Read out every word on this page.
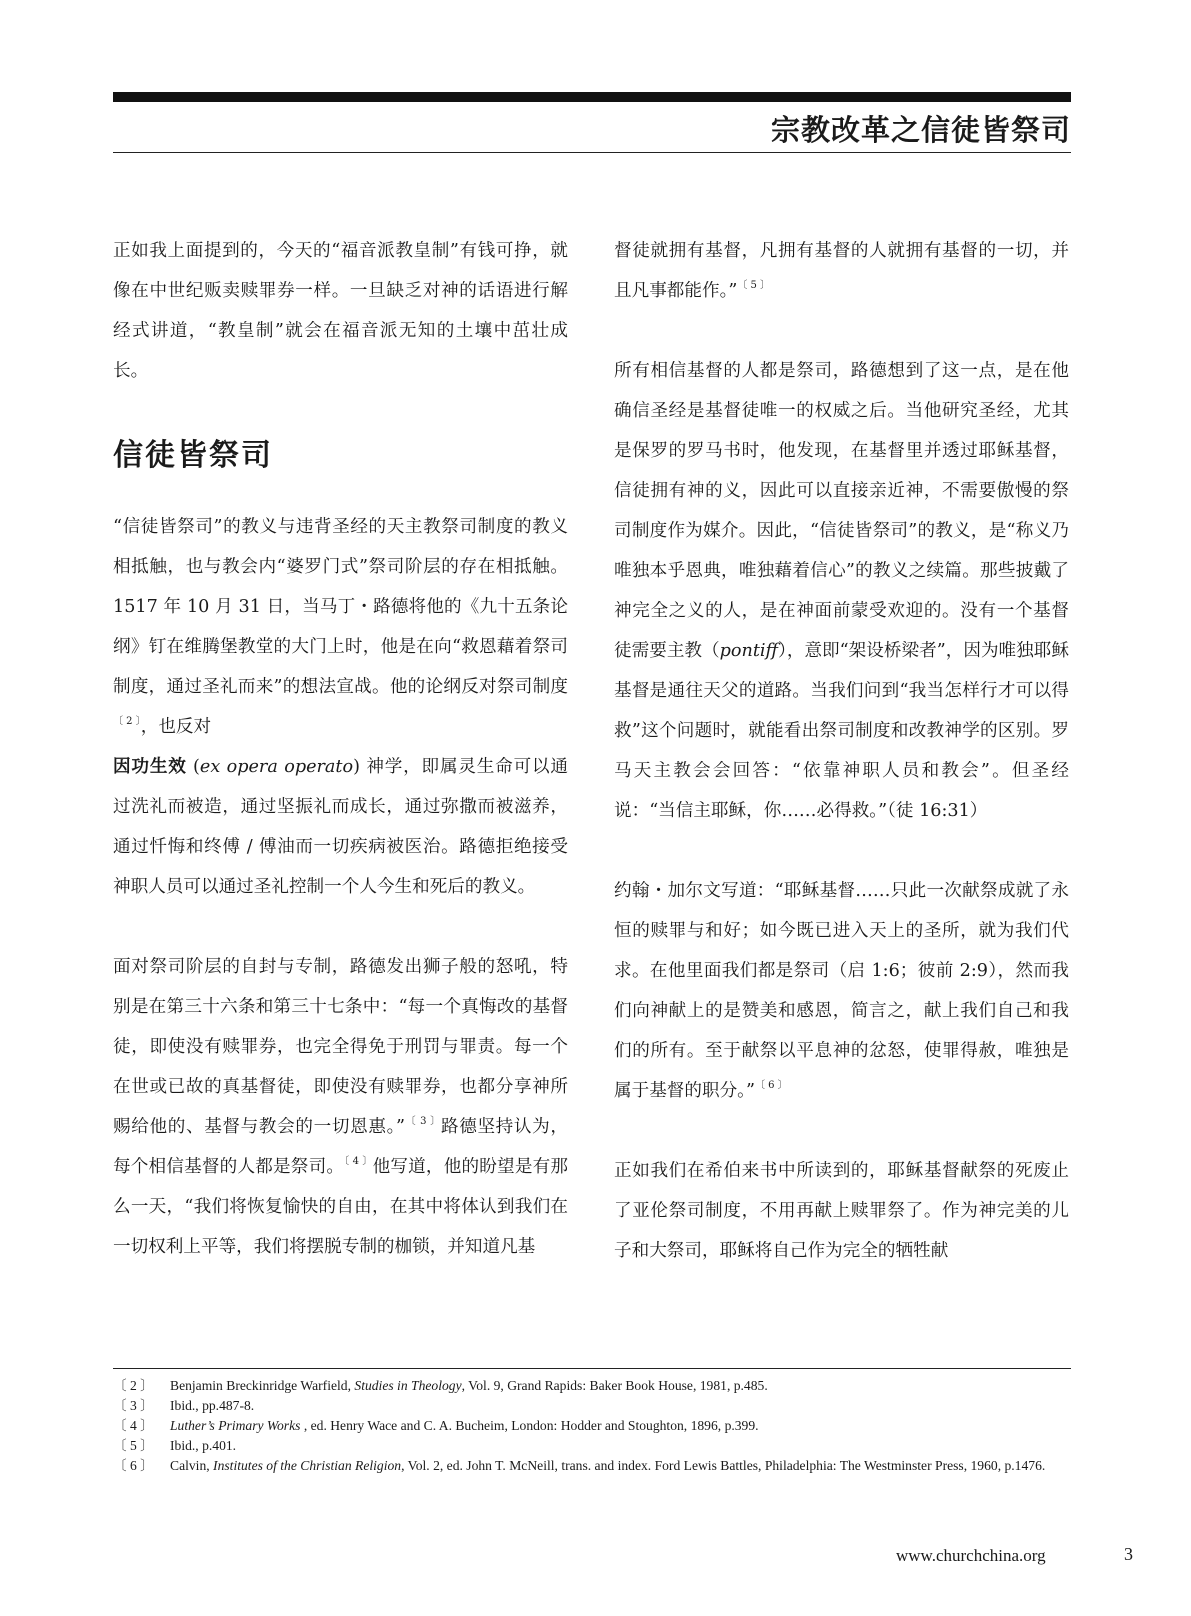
宗教改革之信徒皆祭司

正如我上面提到的，今天的“福音派教皇制”有钱可挣，就像在中世纪贩卖赎罪券一样。一旦缺乏对神的话语进行解经式讲道，“教皇制”就会在福音派无知的土壤中茁壮成长。

信徒皆祭司

“信徒皆祭司”的教义与违背圣经的天主教祭司制度的教义相抵触，也与教会内“婆罗门式”祭司阶层的存在相抵触。1517 年 10 月 31 日，当马丁・路德将他的《九十五条论纲》钉在维腾堡教堂的大门上时，他是在向“救恩藉着祭司制度，通过圣礼而来”的想法宣战。他的论纲反对祭司制度$^{〔 2 〕}$，也反对
因功生效 (ex opera operato) 神学，即属灵生命可以通过洗礼而被造，通过坚振礼而成长，通过弥撒而被滋养，通过忏悔和终傅 / 傅油而一切疾病被医治。路德拒绝接受神职人员可以通过圣礼控制一个人今生和死后的教义。

面对祭司阶层的自封与专制，路德发出狮子般的怒吼，特别是在第三十六条和第三十七条中：“每一个真悔改的基督徒，即使没有赎罪券，也完全得免于刑罚与罪责。每一个在世或已故的真基督徒，即使没有赎罪券，也都分享神所赐给他的、基督与教会的一切恩惠。”$^{〔 3 〕}$路德坚持认为，每个相信基督的人都是祭司。$^{〔 4 〕}$他写道，他的盼望是有那么一天，“我们将恢复愉快的自由，在其中将体认到我们在一切权利上平等，我们将摆脱专制的枷锁，并知道凡基

督徒就拥有基督，凡拥有基督的人就拥有基督的一切，并且凡事都能作。”$^{〔 5 〕}$

所有相信基督的人都是祭司，路德想到了这一点，是在他确信圣经是基督徒唯一的权威之后。当他研究圣经，尤其是保罗的罗马书时，他发现，在基督里并透过耶稣基督，信徒拥有神的义，因此可以直接亲近神，不需要傲慢的祭司制度作为媒介。因此，“信徒皆祭司”的教义，是“称义乃唯独本乎恩典，唯独藉着信心”的教义之续篇。那些披戴了神完全之义的人，是在神面前蒙受欢迎的。没有一个基督徒需要主教（pontiff），意即“架设桥梁者”，因为唯独耶稣基督是通往天父的道路。当我们问到“我当怎样行才可以得救”这个问题时，就能看出祭司制度和改教神学的区别。罗马天主教会会回答：“依靠神职人员和教会”。但圣经说：“当信主耶稣，你……必得救。”（徒 16:31）

约翰・加尔文写道：“耶稣基督……只此一次献祭成就了永恒的赎罪与和好；如今既已进入天上的圣所，就为我们代求。在他里面我们都是祭司（启 1:6；彼前 2:9），然而我们向神献上的是赞美和感恩，简言之，献上我们自己和我们的所有。至于献祭以平息神的忿怒，使罪得赦，唯独是属于基督的职分。”$^{〔 6 〕}$

正如我们在希伯来书中所读到的，耶稣基督献祭的死废止了亚伦祭司制度，不用再献上赎罪祭了。作为神完美的儿子和大祭司，耶稣将自己作为完全的牺牲献

〔 2 〕	Benjamin Breckinridge Warfield, Studies in Theology, Vol. 9, Grand Rapids: Baker Book House, 1981, p.485.
〔 3 〕	Ibid., pp.487-8.
〔 4 〕	Luther’s Primary Works , ed. Henry Wace and C. A. Bucheim, London: Hodder and Stoughton, 1896, p.399.
〔 5 〕	Ibid., p.401.
〔 6 〕	Calvin, Institutes of the Christian Religion, Vol. 2, ed. John T. McNeill, trans. and index. Ford Lewis Battles, Philadelphia: The Westminster Press, 1960, p.1476.
www.churchchina.org	3
